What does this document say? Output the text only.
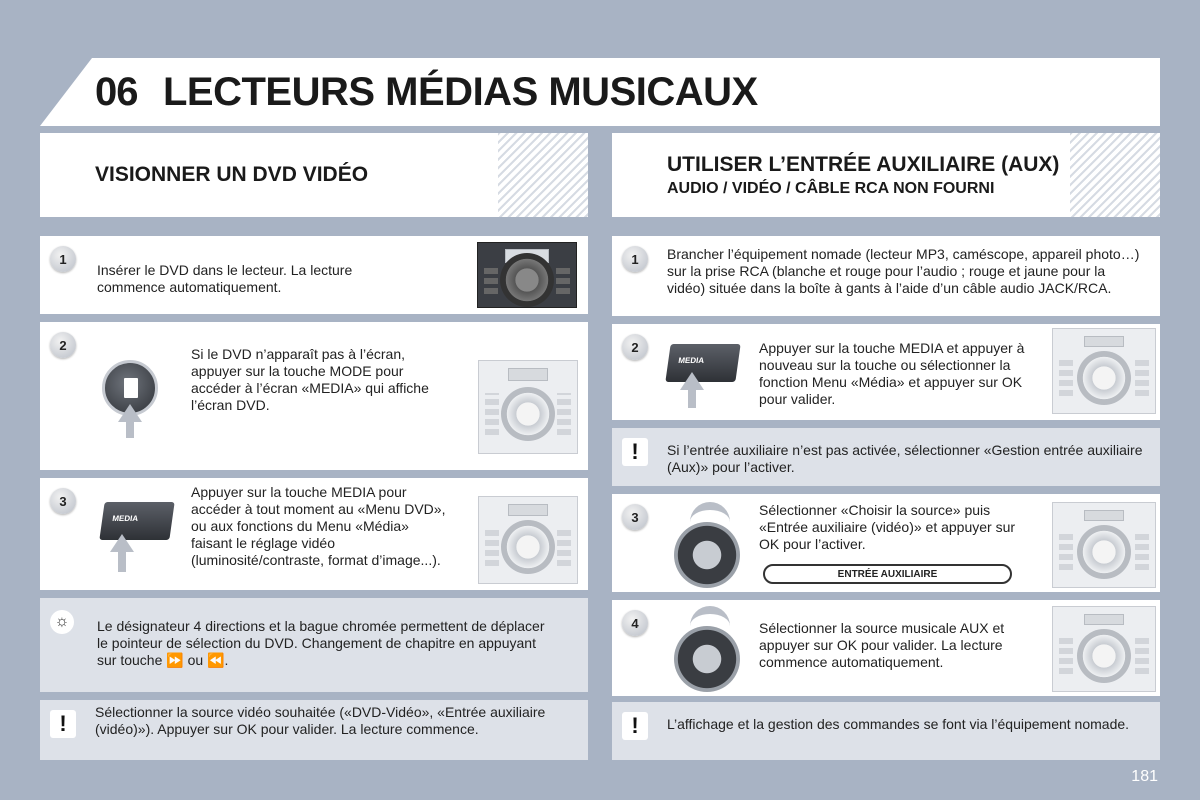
06 LECTEURS MÉDIAS MUSICAUX
VISIONNER UN DVD VIDÉO	UTILISER L’ENTRÉE AUXILIAIRE (AUX)
AUDIO / VIDÉO / CÂBLE RCA NON FOURNI
1
Insérer le DVD dans le lecteur. La lecture commence automatiquement.
2
Si le DVD n’apparaît pas à l’écran, appuyer sur la touche MODE pour accéder à l’écran «MEDIA» qui affiche l’écran DVD.
3
MEDIA
Appuyer sur la touche MEDIA pour accéder à tout moment au «Menu DVD», ou aux fonctions du Menu «Média» faisant le réglage vidéo (luminosité/contraste, format d’image...).
☼	Le désignateur 4 directions et la bague chromée permettent de déplacer le pointeur de sélection du DVD. Changement de chapitre en appuyant sur touche ⏩ ou ⏪.
!	Sélectionner la source vidéo souhaitée («DVD-Vidéo», «Entrée auxiliaire (vidéo)»). Appuyer sur OK pour valider. La lecture commence.
1	Brancher l’équipement nomade (lecteur MP3, caméscope, appareil photo…) sur la prise RCA (blanche et rouge pour l’audio ; rouge et jaune pour la vidéo) située dans la boîte à gants à l’aide d’un câble audio JACK/RCA.
2
MEDIA
Appuyer sur la touche MEDIA et appuyer à nouveau sur la touche ou sélectionner la fonction Menu «Média» et appuyer sur OK pour valider.
!	Si l’entrée auxiliaire n’est pas activée, sélectionner «Gestion entrée auxiliaire (Aux)» pour l’activer.
3	Sélectionner «Choisir la source» puis «Entrée auxiliaire (vidéo)» et appuyer sur OK pour l’activer.
ENTRÉE AUXILIAIRE
4	Sélectionner la source musicale AUX et appuyer sur OK pour valider. La lecture commence automatiquement.
!	L’affichage et la gestion des commandes se font via l’équipement nomade.
181
